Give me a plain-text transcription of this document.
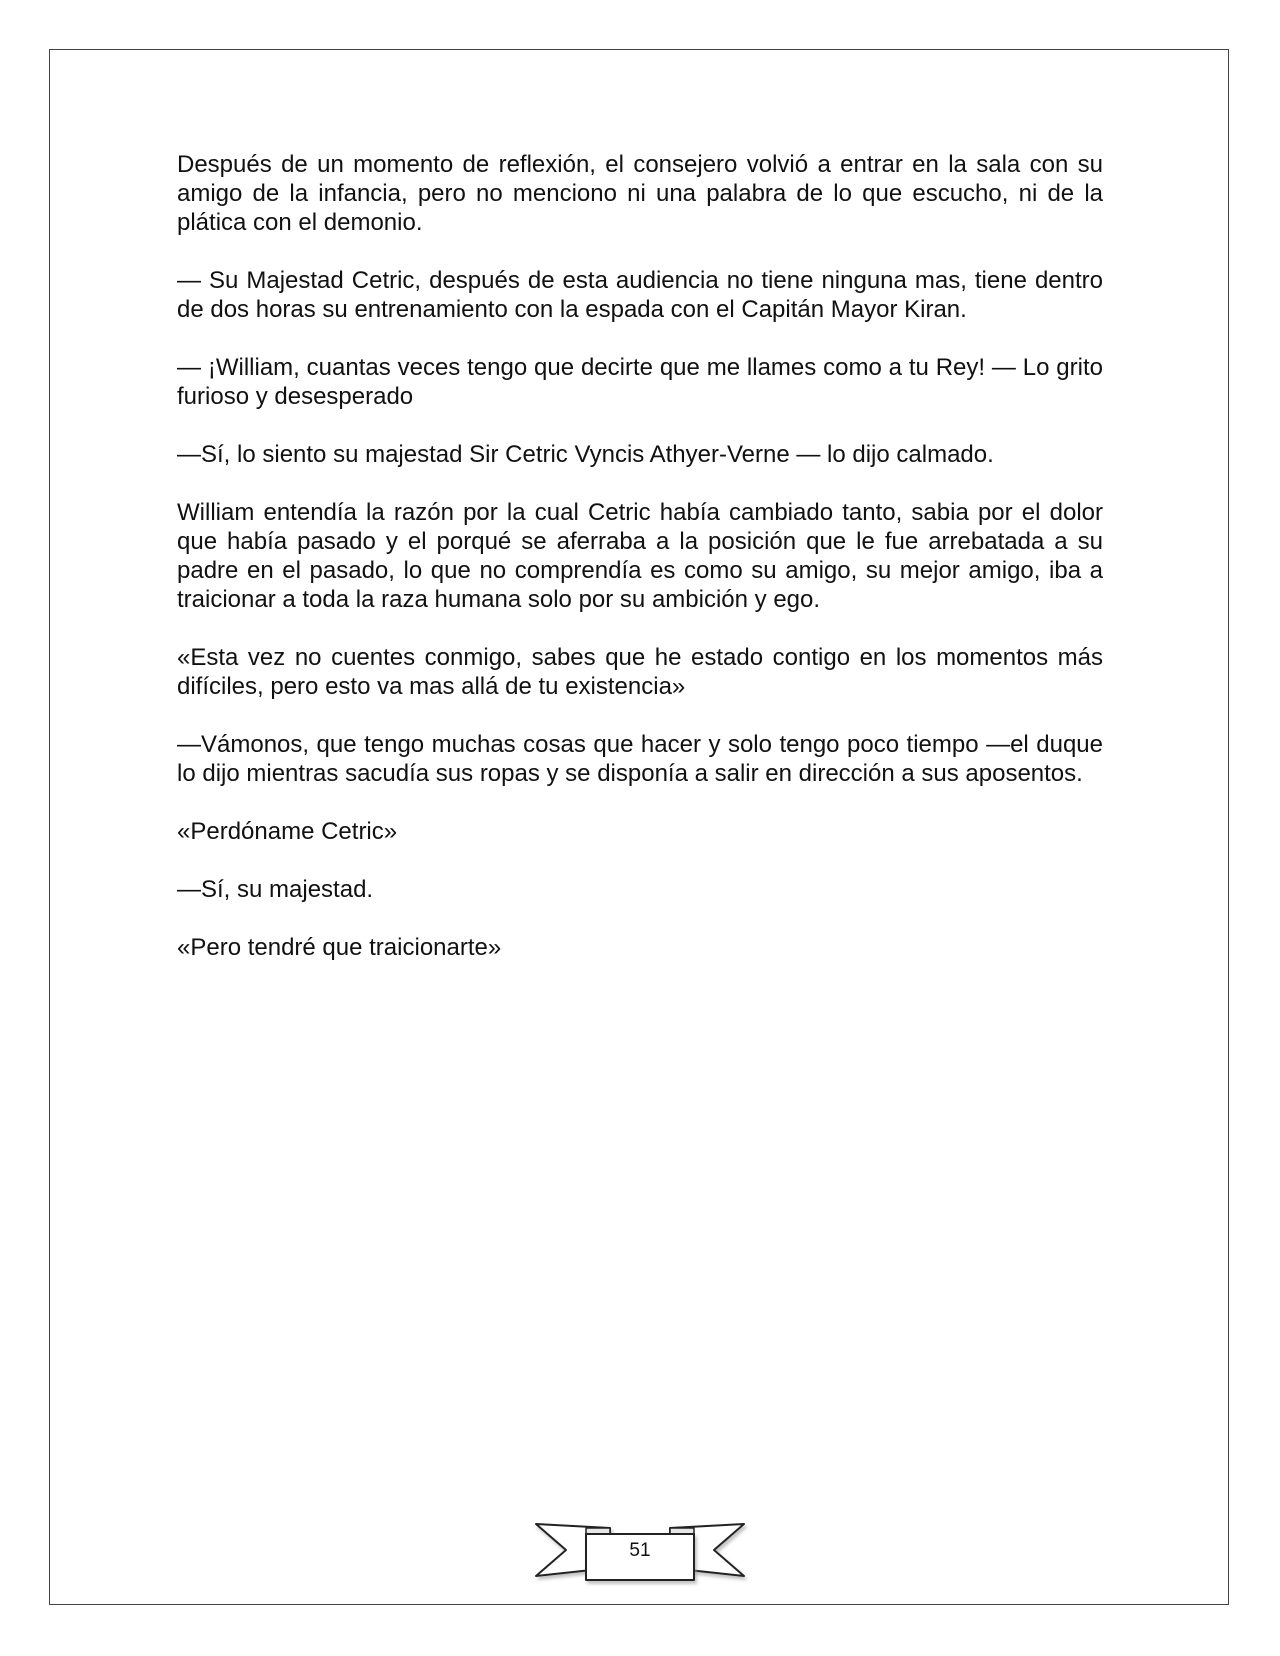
Después de un momento de reflexión, el consejero volvió a entrar en la sala con su amigo de la infancia, pero no menciono ni una palabra de lo que escucho, ni de la plática con el demonio.

— Su Majestad Cetric, después de esta audiencia no tiene ninguna mas, tiene dentro de dos horas su entrenamiento con la espada con el Capitán Mayor Kiran.

— ¡William, cuantas veces tengo que decirte que me llames como a tu Rey! — Lo grito furioso y desesperado

—Sí, lo siento su majestad Sir Cetric Vyncis Athyer-Verne — lo dijo calmado.

William entendía la razón por la cual Cetric había cambiado tanto, sabia por el dolor que había pasado y el porqué se aferraba a la posición que le fue arrebatada a su padre en el pasado, lo que no comprendía es como su amigo, su mejor amigo, iba a traicionar a toda la raza humana solo por su ambición y ego.

«Esta vez no cuentes conmigo, sabes que he estado contigo en los momentos más difíciles, pero esto va mas allá de tu existencia»

—Vámonos, que tengo muchas cosas que hacer y solo tengo poco tiempo —el duque lo dijo mientras sacudía sus ropas y se disponía a salir en dirección a sus aposentos.

«Perdóname Cetric»

—Sí, su majestad.

«Pero tendré que traicionarte»

51
